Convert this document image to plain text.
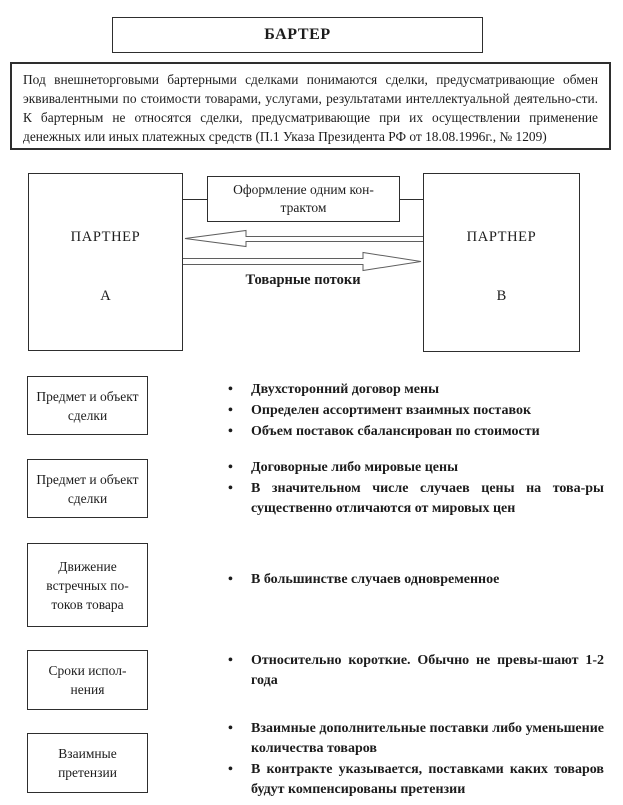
БАРТЕР
Под внешнеторговыми бартерными сделками понимаются сделки, предусматривающие обмен эквивалентными по стоимости товарами, услугами, результатами интеллектуальной деятельно-сти. К бартерным не относятся сделки, предусматривающие при их осуществлении применение денежных или иных платежных средств (П.1 Указа Президента РФ от 18.08.1996г., № 1209)
ПАРТНЕР
А
ПАРТНЕР
В
Оформление одним кон-трактом
Товарные потоки
Предмет и объект сделки
•	Двухсторонний договор мены
•	Определен ассортимент взаимных поставок
•	Объем поставок сбалансирован по стоимости
Предмет и объект сделки
•	Договорные либо мировые цены
•	В значительном числе случаев цены на това-ры существенно отличаются от мировых цен
Движение встречных по-токов товара
•	В большинстве случаев одновременное
Сроки испол-нения
•	Относительно короткие. Обычно не превы-шают 1-2 года
Взаимные претензии
•	Взаимные дополнительные поставки либо уменьшение количества товаров
•	В контракте указывается, поставками каких товаров будут компенсированы претензии
